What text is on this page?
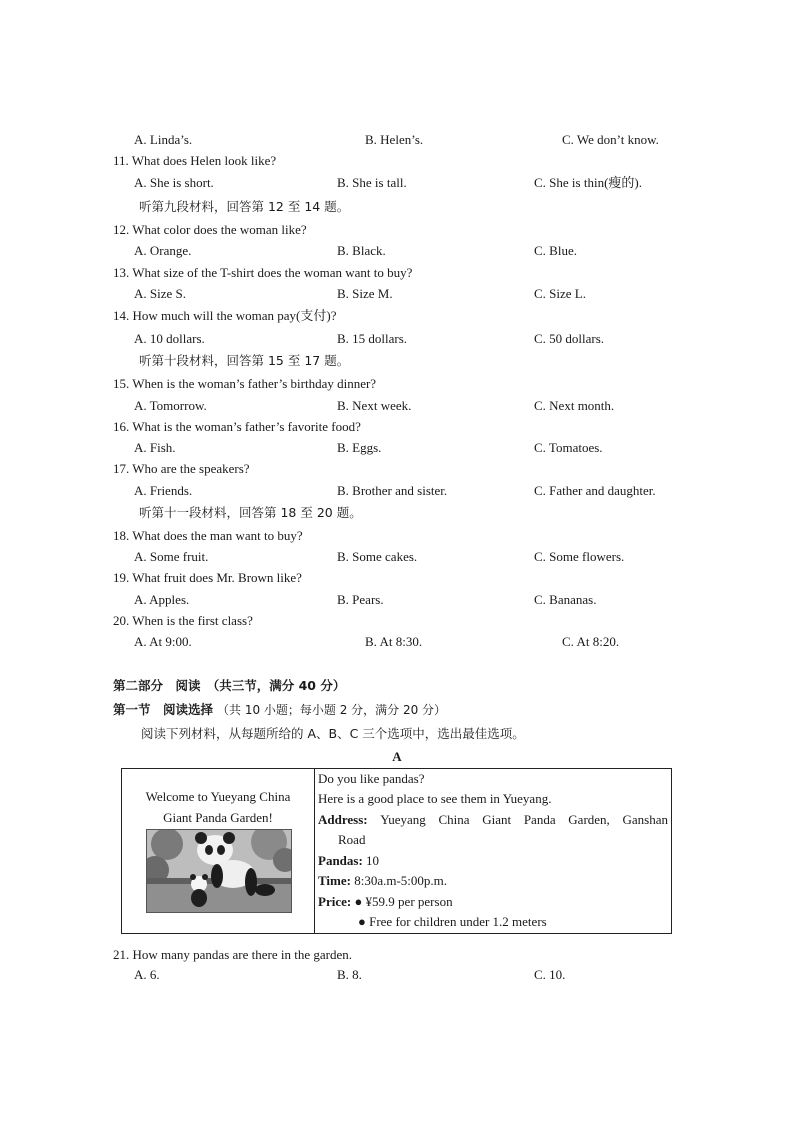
A. Linda’s.	B. Helen’s.	C. We don’t know.
11. What does Helen look like?
A. She is short.	B. She is tall.	C. She is thin(瘦的).
听第九段材料，回答第 12 至 14 题。
12. What color does the woman like?
A. Orange.	B. Black.	C. Blue.
13. What size of the T-shirt does the woman want to buy?
A. Size S.	B. Size M.	C. Size L.
14. How much will the woman pay(支付)?
A. 10 dollars.	B. 15 dollars.	C. 50 dollars.
听第十段材料，回答第 15 至 17 题。
15. When is the woman’s father’s birthday dinner?
A. Tomorrow.	B. Next week.	C. Next month.
16. What is the woman’s father’s favorite food?
A. Fish.	B. Eggs.	C. Tomatoes.
17. Who are the speakers?
A. Friends.	B. Brother and sister.	C. Father and daughter.
听第十一段材料，回答第 18 至 20 题。
18. What does the man want to buy?
A. Some fruit.	B. Some cakes.	C. Some flowers.
19. What fruit does Mr. Brown like?
A. Apples.	B. Pears.	C. Bananas.
20. When is the first class?
A. At 9:00.	B. At 8:30.	C. At 8:20.
第二部分　阅读　（共三节，满分 40 分）
第一节　阅读选择 （共 10 小题；每小题 2 分，满分 20 分）
阅读下列材料，从每题所给的 A、B、C 三个选项中，选出最佳选项。
A
Welcome to Yueyang China
Giant Panda Garden!
Do you like pandas?
Here is a good place to see them in Yueyang.
Address: Yueyang China Giant Panda Garden, Ganshan
Road
Pandas: 10
Time: 8:30a.m-5:00p.m.
Price: ● ¥59.9 per person
● Free for children under 1.2 meters
21. How many pandas are there in the garden.
A. 6.	B. 8.	C. 10.
